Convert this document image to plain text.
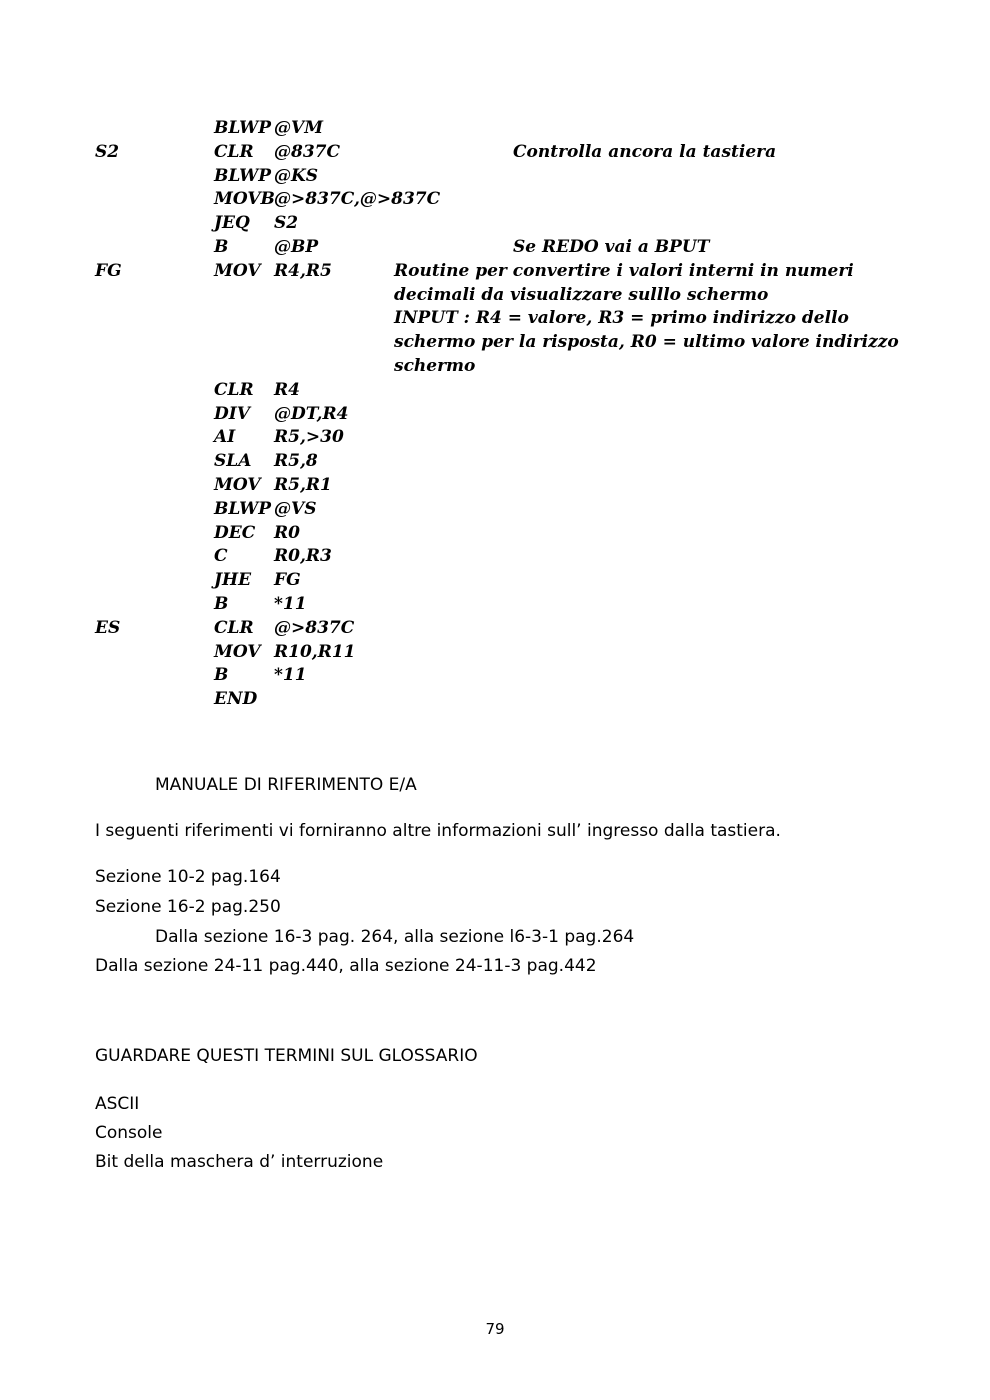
BLWP @VM
S2	CLR @837C	Controlla ancora la tastiera
BLWP @KS
MOVB @>837C,@>837C
JEQ S2
B	@BP	Se REDO vai a BPUT
FG	MOV R4,R5	Routine per convertire i valori interni in numeri
decimali da visualizzare sulllo schermo
INPUT : R4 = valore, R3 = primo indirizzo dello
schermo per la risposta, R0 = ultimo valore indirizzo
schermo
CLR R4
DIV @DT,R4
AI R5,>30
SLA R5,8
MOV R5,R1
BLWP @VS
DEC R0
C	R0,R3
JHE FG
B	*11
ES	CLR @>837C
MOV R10,R11
B	*11
END
MANUALE DI RIFERIMENTO E/A
I seguenti riferimenti vi forniranno altre informazioni sull’ ingresso dalla tastiera.
Sezione 10-2 pag.164
Sezione 16-2 pag.250
Dalla sezione 16-3 pag. 264, alla sezione l6-3-1 pag.264
Dalla sezione 24-11 pag.440, alla sezione 24-11-3 pag.442
GUARDARE QUESTI TERMINI SUL GLOSSARIO
ASCII
Console
Bit della maschera d’ interruzione
79
